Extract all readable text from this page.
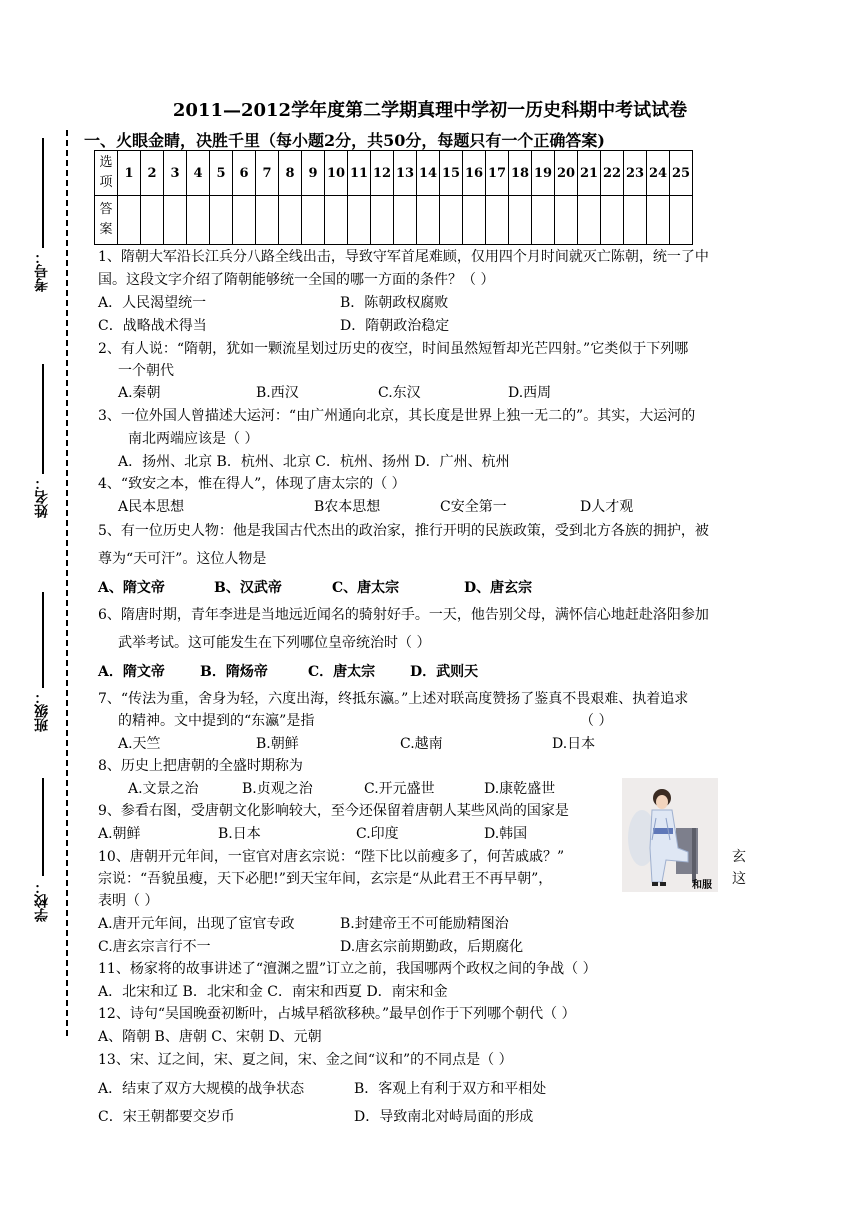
2011—2012学年度第二学期真理中学初一历史科期中考试试卷
一、火眼金睛，决胜千里（每小题2分，共50分，每题只有一个正确答案)
选项	1	2	3	4	5	6	7	8	9	10	11	12	13	14	15	16	17	18	19	20	21	22	23	24	25
答案																									
考号：
姓名：
班级：
学校：
1、隋朝大军沿长江兵分八路全线出击，导致守军首尾难顾，仅用四个月时间就灭亡陈朝，统一了中
国。这段文字介绍了隋朝能够统一全国的哪一方面的条件？（ ）
A．人民渴望统一	B．陈朝政权腐败
C．战略战术得当	D．隋朝政治稳定
2、有人说：“隋朝，犹如一颗流星划过历史的夜空，时间虽然短暂却光芒四射。”它类似于下列哪
一个朝代
A.秦朝	B.西汉	C.东汉	D.西周
3、一位外国人曾描述大运河：“由广州通向北京，其长度是世界上独一无二的”。其实，大运河的
南北两端应该是（ ）
A．扬州、北京 B．杭州、北京 C．杭州、扬州 D．广州、杭州
4、“致安之本，惟在得人”，体现了唐太宗的（ ）
A民本思想	B农本思想	C安全第一	D人才观
5、有一位历史人物：他是我国古代杰出的政治家，推行开明的民族政策，受到北方各族的拥护，被
尊为“天可汗”。这位人物是
A、隋文帝	B、汉武帝	C、唐太宗	D、唐玄宗
6、隋唐时期，青年李进是当地远近闻名的骑射好手。一天，他告别父母，满怀信心地赶赴洛阳参加
武举考试。这可能发生在下列哪位皇帝统治时（ ）
A．隋文帝	B．隋炀帝	C．唐太宗 D．武则天
7、“传法为重，舍身为轻，六度出海，终抵东瀛。”上述对联高度赞扬了鉴真不畏艰难、执着追求
的精神。文中提到的“东瀛”是指	（ ）
A.天竺	B.朝鲜	C.越南	D.日本
8、历史上把唐朝的全盛时期称为
A.文景之治	B.贞观之治	C.开元盛世	D.康乾盛世
9、参看右图，受唐朝文化影响较大，至今还保留着唐朝人某些风尚的国家是
A.朝鲜	B.日本	C.印度	D.韩国
和服
10、唐朝开元年间，一宦官对唐玄宗说：“陛下比以前瘦多了，何苦戚戚？”	玄
宗说：“吾貌虽瘦，天下必肥!”到天宝年间，玄宗是“从此君王不再早朝”，	这
表明（ ）
A.唐开元年间，出现了宦官专政	B.封建帝王不可能励精图治
C.唐玄宗言行不一	D.唐玄宗前期勤政，后期腐化
11、杨家将的故事讲述了“澶渊之盟”订立之前，我国哪两个政权之间的争战（ ）
A．北宋和辽 B．北宋和金 C．南宋和西夏 D．南宋和金
12、诗句“吴国晚蚕初断叶，占城早稻欲移秧。”最早创作于下列哪个朝代（ ）
A、隋朝 B、唐朝 C、宋朝 D、元朝
13、宋、辽之间，宋、夏之间，宋、金之间“议和”的不同点是（ ）
A．结束了双方大规模的战争状态	B．客观上有利于双方和平相处
C．宋王朝都要交岁币	D．导致南北对峙局面的形成
